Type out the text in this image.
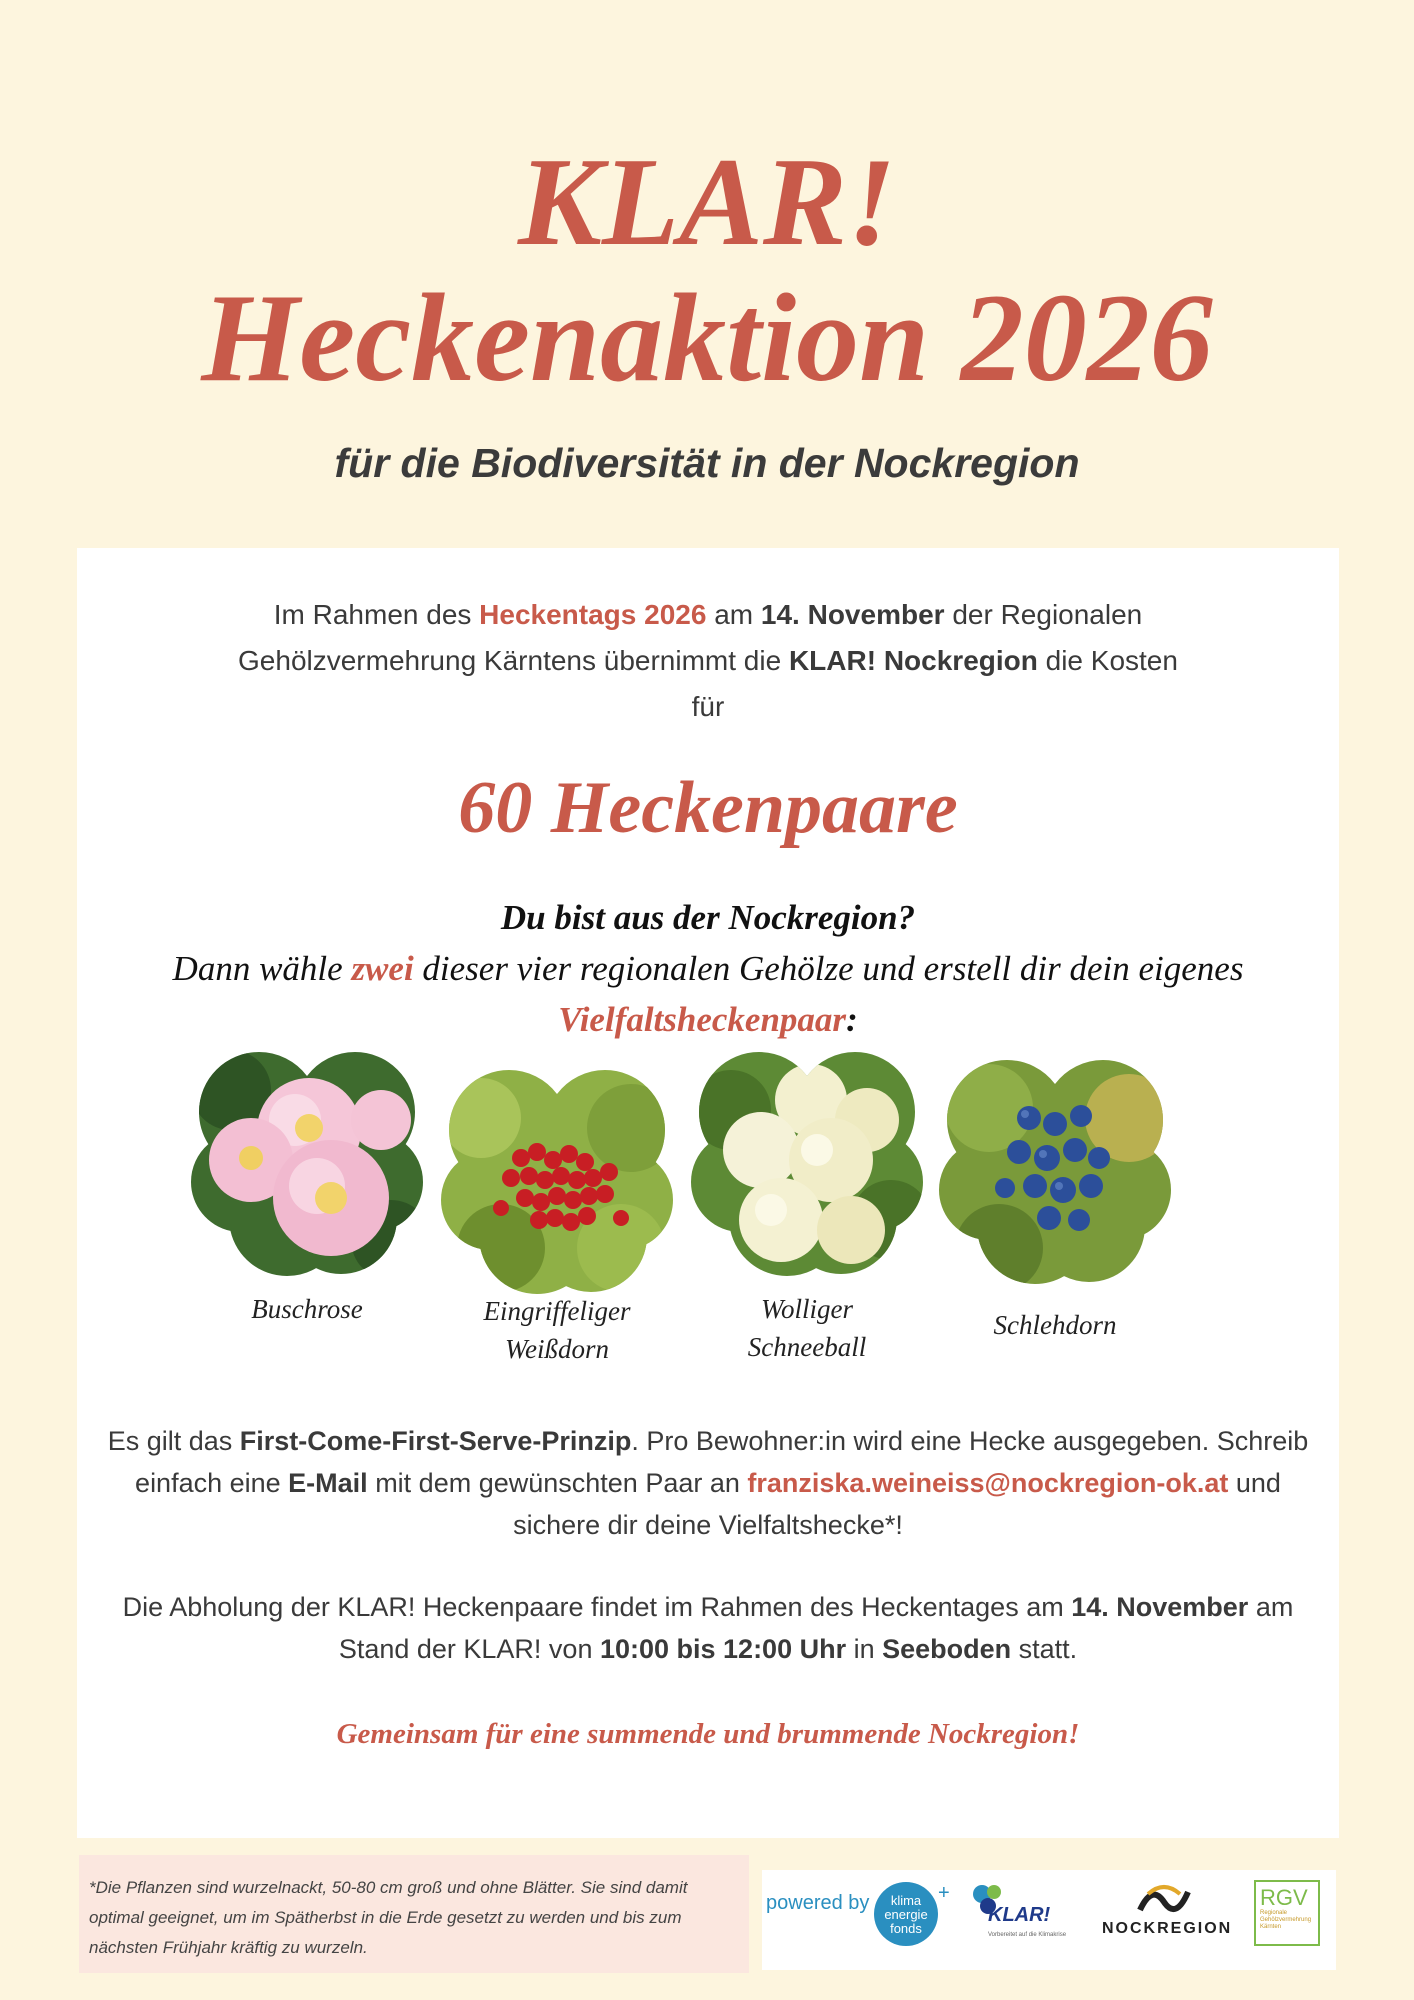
KLAR!
Heckenaktion 2026
für die Biodiversität in der Nockregion
Im Rahmen des Heckentags 2026 am 14. November der Regionalen Gehölzvermehrung Kärntens übernimmt die KLAR! Nockregion die Kosten für
60 Heckenpaare
Du bist aus der Nockregion?
Dann wähle zwei dieser vier regionalen Gehölze und erstell dir dein eigenes Vielfaltsheckenpaar:
Buschrose	Eingriffeliger
Weißdorn
Wolliger
Schneeball
Schlehdorn
Es gilt das First-Come-First-Serve-Prinzip. Pro Bewohner:in wird eine Hecke ausgegeben. Schreib einfach eine E-Mail mit dem gewünschten Paar an franziska.weineiss@nockregion-ok.at und sichere dir deine Vielfaltshecke*!
Die Abholung der KLAR! Heckenpaare findet im Rahmen des Heckentages am 14. November am Stand der KLAR! von 10:00 bis 12:00 Uhr in Seeboden statt.
Gemeinsam für eine summende und brummende Nockregion!
*Die Pflanzen sind wurzelnackt, 50-80 cm groß und ohne Blätter. Sie sind damit optimal geeignet, um im Spätherbst in die Erde gesetzt zu werden und bis zum nächsten Frühjahr kräftig zu wurzeln.
powered by	klima
energie
fonds
+
KLAR!
Vorbereitet auf die Klimakrise NOCKREGION
RGV
Regionale Gehölzvermehrung Kärnten
